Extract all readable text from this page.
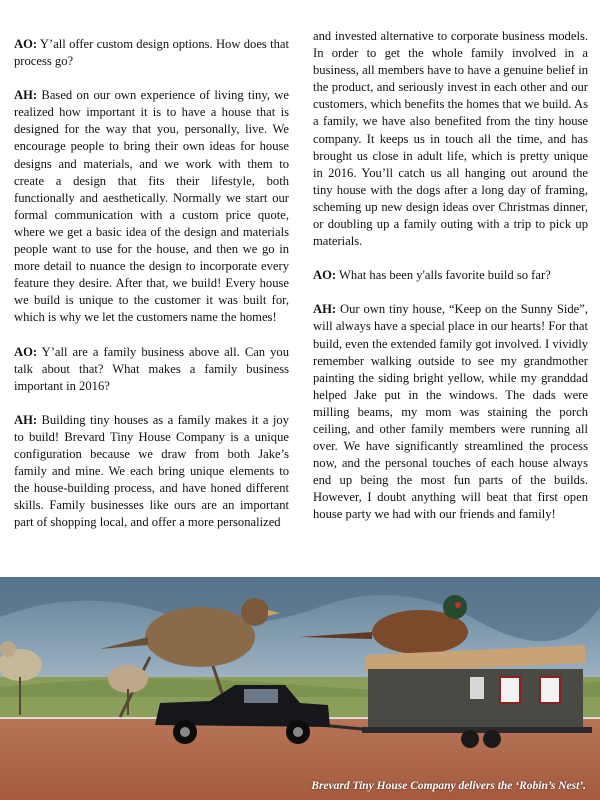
AO: Y’all offer custom design options. How does that process go?

AH: Based on our own experience of living tiny, we realized how important it is to have a house that is designed for the way that you, personally, live. We encourage people to bring their own ideas for house designs and materials, and we work with them to create a design that fits their lifestyle, both functionally and aesthetically. Normally we start our formal communication with a custom price quote, where we get a basic idea of the design and materials people want to use for the house, and then we go in more detail to nuance the design to incorporate every feature they desire. After that, we build! Every house we build is unique to the customer it was built for, which is why we let the customers name the homes!

AO: Y’all are a family business above all. Can you talk about that? What makes a family business important in 2016?

AH: Building tiny houses as a family makes it a joy to build! Brevard Tiny House Company is a unique configuration because we draw from both Jake’s family and mine. We each bring unique elements to the house-building process, and have honed different skills. Family businesses like ours are an important part of shopping local, and offer a more personalized

and invested alternative to corporate business models. In order to get the whole family involved in a business, all members have to have a genuine belief in the product, and seriously invest in each other and our customers, which benefits the homes that we build. As a family, we have also benefited from the tiny house company. It keeps us in touch all the time, and has brought us close in adult life, which is pretty unique in 2016. You’ll catch us all hanging out around the tiny house with the dogs after a long day of framing, scheming up new design ideas over Christmas dinner, or doubling up a family outing with a trip to pick up materials.

AO: What has been y'alls favorite build so far?

AH: Our own tiny house, “Keep on the Sunny Side”, will always have a special place in our hearts! For that build, even the extended family got involved. I vividly remember walking outside to see my grandmother painting the siding bright yellow, while my granddad helped Jake put in the windows. The dads were milling beams, my mom was staining the porch ceiling, and other family members were running all over. We have significantly streamlined the process now, and the personal touches of each house always end up being the most fun parts of the builds. However, I doubt anything will beat that first open house party we had with our friends and family!

Brevard Tiny House Company delivers the ‘Robin’s Nest’.
